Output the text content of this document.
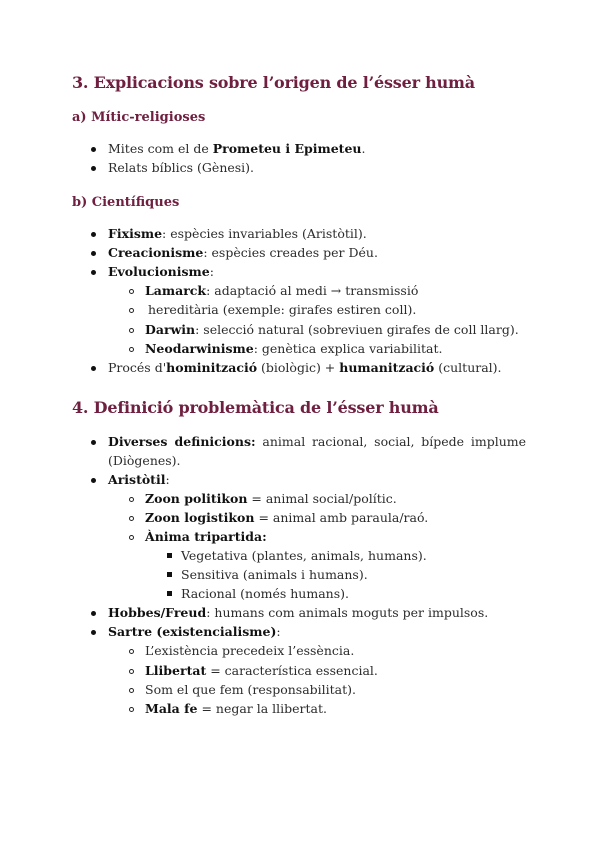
3. Explicacions sobre l’origen de l’ésser humà
a) Mític-religioses
Mites com el de Prometeu i Epimeteu.
Relats bíblics (Gènesi).
b) Científiques
Fixisme: espècies invariables (Aristòtil).
Creacionisme: espècies creades per Déu.
Evolucionisme:
Lamarck: adaptació al medi → transmissió
hereditària (exemple: girafes estiren coll).
Darwin: selecció natural (sobreviuen girafes de coll llarg).
Neodarwinisme: genètica explica variabilitat.
Procés d'hominització (biològic) + humanització (cultural).
4. Definició problemàtica de l’ésser humà
Diverses definicions: animal racional, social, bípede implume (Diògenes).
Aristòtil:
Zoon politikon = animal social/polític.
Zoon logistikon = animal amb paraula/raó.
Ànima tripartida:
Vegetativa (plantes, animals, humans).
Sensitiva (animals i humans).
Racional (només humans).
Hobbes/Freud: humans com animals moguts per impulsos.
Sartre (existencialisme):
L’existència precedeix l’essència.
Llibertat = característica essencial.
Som el que fem (responsabilitat).
Mala fe = negar la llibertat.
